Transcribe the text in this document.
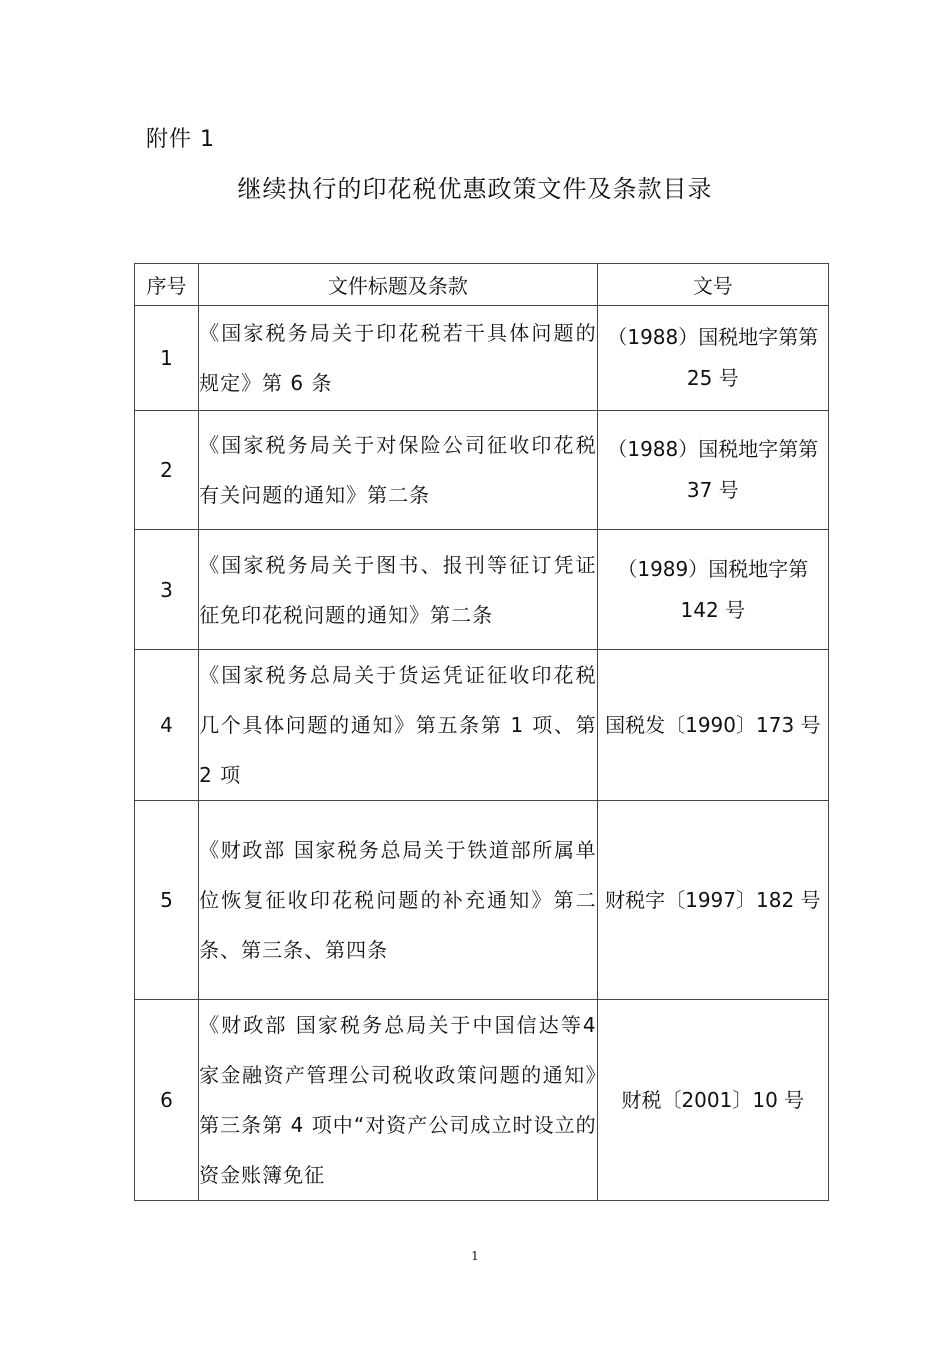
附件 1
继续执行的印花税优惠政策文件及条款目录
序号	文件标题及条款	文号
1	《国家税务局关于印花税若干具体问题的规定》第 6 条	（1988）国税地字第第 25 号
2	《国家税务局关于对保险公司征收印花税有关问题的通知》第二条	（1988）国税地字第第 37 号
3	《国家税务局关于图书、报刊等征订凭证征免印花税问题的通知》第二条	（1989）国税地字第 142 号
4	《国家税务总局关于货运凭证征收印花税几个具体问题的通知》第五条第 1 项、第 2 项	国税发〔1990〕173 号
5	《财政部 国家税务总局关于铁道部所属单位恢复征收印花税问题的补充通知》第二条、第三条、第四条	财税字〔1997〕182 号
6	《财政部 国家税务总局关于中国信达等4家金融资产管理公司税收政策问题的通知》第三条第 4 项中“对资产公司成立时设立的资金账簿免征	财税〔2001〕10 号
1
